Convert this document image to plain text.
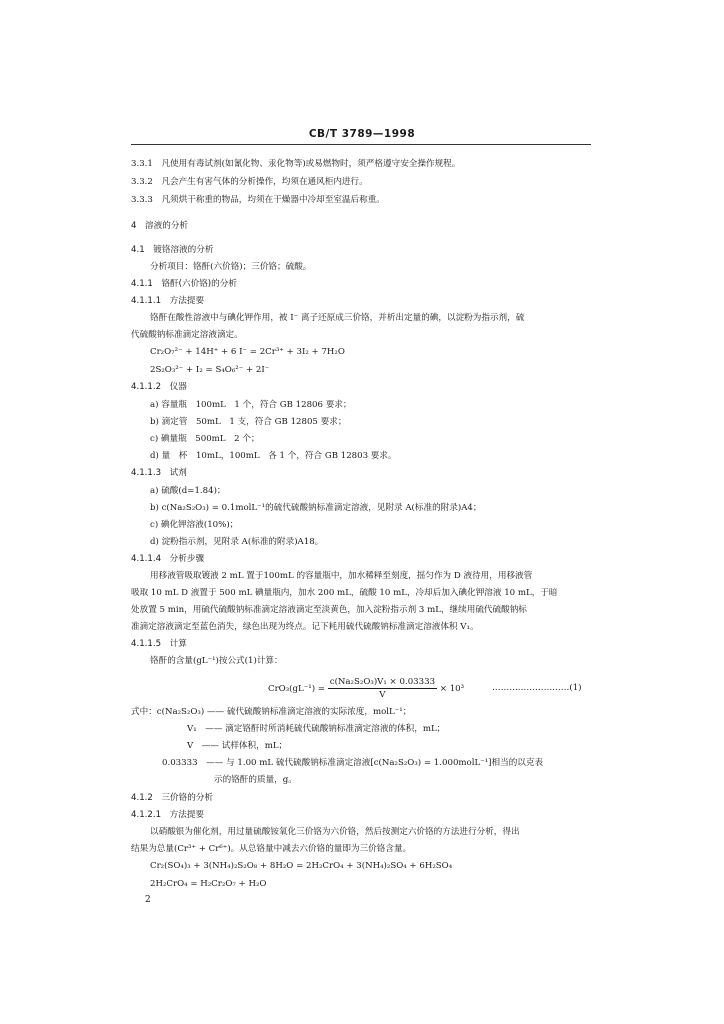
CB/T 3789—1998
3.3.1　凡使用有毒试剂(如氰化物、汞化物等)或易燃物时，须严格遵守安全操作规程。
3.3.2　凡会产生有害气体的分析操作，均须在通风柜内进行。
3.3.3　凡须烘干称重的物品，均须在干燥器中冷却至室温后称重。
4　溶液的分析
4.1　镀铬溶液的分析
分析项目：铬酐(六价铬)；三价铬；硫酸。
4.1.1　铬酐(六价铬)的分析
4.1.1.1　方法提要
铬酐在酸性溶液中与碘化钾作用，被 I⁻ 离子还原成三价铬，并析出定量的碘，以淀粉为指示剂，硫
代硫酸钠标准滴定溶液滴定。
Cr₂O₇²⁻ + 14H⁺ + 6 I⁻ = 2Cr³⁺ + 3I₂ + 7H₂O
2S₂O₃²⁻ + I₂ = S₄O₆²⁻ + 2I⁻
4.1.1.2　仪器
a) 容量瓶　100mL　1 个，符合 GB 12806 要求；
b) 滴定管　50mL　1 支，符合 GB 12805 要求；
c) 碘量瓶　500mL　2 个；
d) 量　杯　10mL，100mL　各 1 个，符合 GB 12803 要求。
4.1.1.3　试剂
a) 硫酸(d=1.84)；
b) c(Na₂S₂O₃) = 0.1molL⁻¹的硫代硫酸钠标准滴定溶液，见附录 A(标准的附录)A4；
c) 碘化钾溶液(10%)；
d) 淀粉指示剂，见附录 A(标准的附录)A18。
4.1.1.4　分析步骤
用移液管吸取镀液 2 mL 置于100mL 的容量瓶中，加水稀释至刻度，摇匀作为 D 液待用，用移液管
吸取 10 mL D 液置于 500 mL 碘量瓶内，加水 200 mL，硫酸 10 mL，冷却后加入碘化钾溶液 10 mL，于暗
处放置 5 min，用硫代硫酸钠标准滴定溶液滴定至淡黄色，加入淀粉指示剂 3 mL，继续用硫代硫酸钠标
准滴定溶液滴定至蓝色消失，绿色出现为终点。记下耗用硫代硫酸钠标准滴定溶液体积 V₁。
4.1.1.5　计算
铬酐的含量(gL⁻¹)按公式(1)计算：
$CrO_3(gL^{-1}) = \frac{\text{c(Na₂S₂O₃)V₁ × 0.03333}}{V} \times 10^3$	………………………(1)
式中：c(Na₂S₂O₃) —— 硫代硫酸钠标准滴定溶液的实际浓度，molL⁻¹；
V₁　—— 滴定铬酐时所消耗硫代硫酸钠标准滴定溶液的体积，mL；
V　—— 试样体积，mL；
0.03333　—— 与 1.00 mL 硫代硫酸钠标准滴定溶液[c(Na₂S₂O₃) = 1.000molL⁻¹]相当的以克表
示的铬酐的质量，g。
4.1.2　三价铬的分析
4.1.2.1　方法提要
以硝酸银为催化剂，用过量硫酸铵氧化三价铬为六价铬，然后按测定六价铬的方法进行分析，得出
结果为总量(Cr³⁺ + Cr⁶⁺)。从总铬量中减去六价铬的量即为三价铬含量。
Cr₂(SO₄)₃ + 3(NH₄)₂S₂O₈ + 8H₂O = 2H₂CrO₄ + 3(NH₄)₂SO₄ + 6H₂SO₄
2H₂CrO₄ = H₂Cr₂O₇ + H₂O
2
